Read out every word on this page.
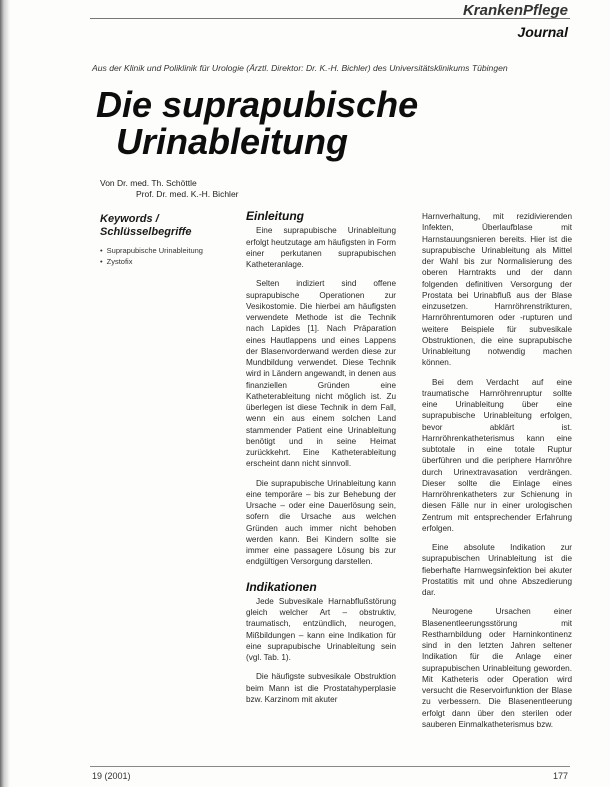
KrankenPflege
Journal
Aus der Klinik und Poliklinik für Urologie (Ärztl. Direktor: Dr. K.-H. Bichler) des Universitätsklinikums Tübingen
Die suprapubische
Urinableitung
Von Dr. med. Th. Schöttle
Prof. Dr. med. K.-H. Bichler
Keywords / Schlüsselbegriffe
• Suprapubische Urinableitung
• Zystofix
Einleitung

Eine suprapubische Urinableitung erfolgt heutzutage am häufigsten in Form einer perkutanen suprapubischen Katheteranlage.

Selten indiziert sind offene suprapubische Operationen zur Vesikostomie. Die hierbei am häufigsten verwendete Methode ist die Technik nach Lapides [1]. Nach Präparation eines Hautlappens und eines Lappens der Blasenvorderwand werden diese zur Mundbildung verwendet. Diese Technik wird in Ländern angewandt, in denen aus finanziellen Gründen eine Katheterableitung nicht möglich ist. Zu überlegen ist diese Technik in dem Fall, wenn ein aus einem solchen Land stammender Patient eine Urinableitung benötigt und in seine Heimat zurückkehrt. Eine Katheterableitung erscheint dann nicht sinnvoll.

Die suprapubische Urinableitung kann eine temporäre – bis zur Behebung der Ursache – oder eine Dauerlösung sein, sofern die Ursache aus welchen Gründen auch immer nicht behoben werden kann. Bei Kindern sollte sie immer eine passagere Lösung bis zur endgültigen Versorgung darstellen.

Indikationen

Jede Subvesikale Harnabflußstörung gleich welcher Art – obstruktiv, traumatisch, entzündlich, neurogen, Mißbildungen – kann eine Indikation für eine suprapubische Urinableitung sein (vgl. Tab. 1).

Die häufigste subvesikale Obstruktion beim Mann ist die Prostatahyperplasie bzw. Karzinom mit akuter

Harnverhaltung, mit rezidivierenden Infekten, Überlaufblase mit Harnstauungsnieren bereits. Hier ist die suprapubische Urinableitung als Mittel der Wahl bis zur Normalisierung des oberen Harntrakts und der dann folgenden definitiven Versorgung der Prostata bei Urinabfluß aus der Blase einzusetzen. Harnröhrenstrikturen, Harnröhrentumoren oder -rupturen und weitere Beispiele für subvesikale Obstruktionen, die eine suprapubische Urinableitung notwendig machen können.

Bei dem Verdacht auf eine traumatische Harnröhrenruptur sollte eine Urinableitung über eine suprapubische Urinableitung erfolgen, bevor abklärt ist. Harnröhrenkatheterismus kann eine subtotale in eine totale Ruptur überführen und die periphere Harnröhre durch Urinextravasation verdrängen. Dieser sollte die Einlage eines Harnröhrenkatheters zur Schienung in diesen Fälle nur in einer urologischen Zentrum mit entsprechender Erfahrung erfolgen.

Eine absolute Indikation zur suprapubischen Urinableitung ist die fieberhafte Harnwegsinfektion bei akuter Prostatitis mit und ohne Abszedierung dar.

Neurogene Ursachen einer Blasenentleerungsstörung mit Restharnbildung oder Harninkontinenz sind in den letzten Jahren seltener Indikation für die Anlage einer suprapubischen Urinableitung geworden. Mit Katheteris oder Operation wird versucht die Reservoirfunktion der Blase zu verbessern. Die Blasenentleerung erfolgt dann über den sterilen oder sauberen Einmalkatheterismus bzw.

19 (2001)	177
